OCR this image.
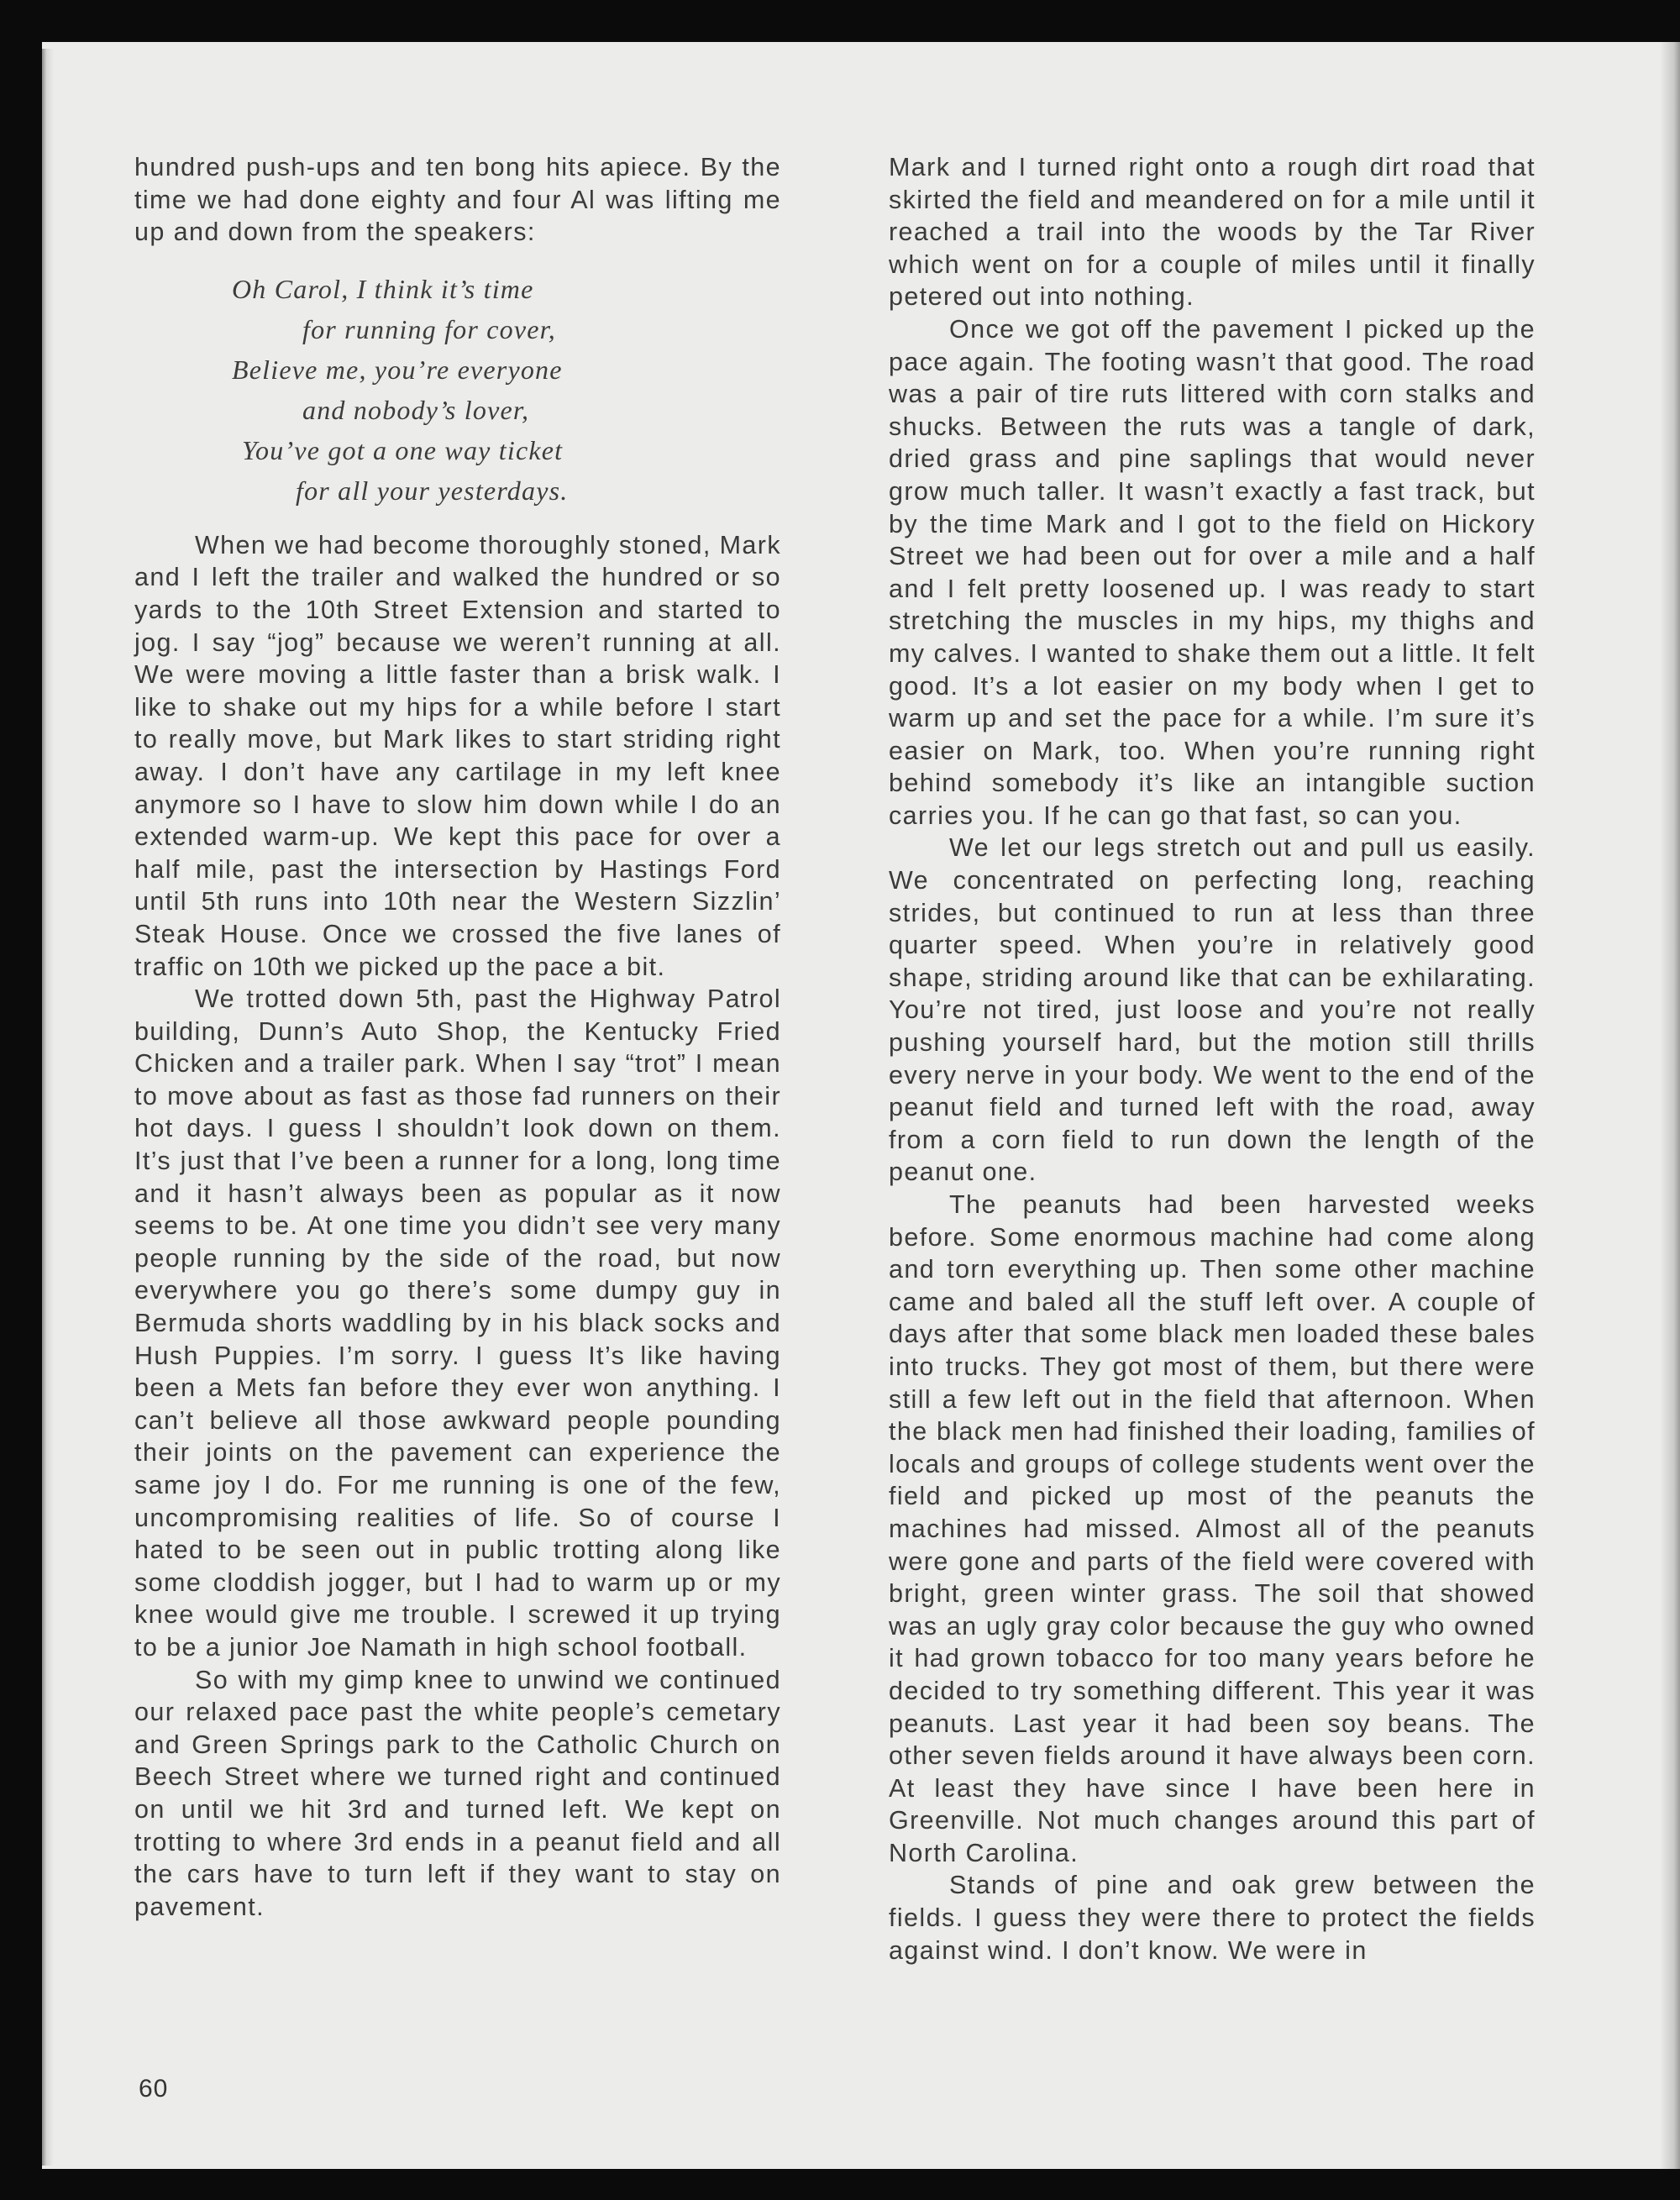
hundred push-ups and ten bong hits apiece. By the time we had done eighty and four Al was lifting me up and down from the speakers:

Oh Carol, I think it’s time
for running for cover,
Believe me, you’re everyone
and nobody’s lover,
You’ve got a one way ticket
for all your yesterdays.

When we had become thoroughly stoned, Mark and I left the trailer and walked the hundred or so yards to the 10th Street Extension and started to jog. I say “jog” because we weren’t running at all. We were moving a little faster than a brisk walk. I like to shake out my hips for a while before I start to really move, but Mark likes to start striding right away. I don’t have any cartilage in my left knee anymore so I have to slow him down while I do an extended warm-up. We kept this pace for over a half mile, past the intersection by Hastings Ford until 5th runs into 10th near the Western Sizzlin’ Steak House. Once we crossed the five lanes of traffic on 10th we picked up the pace a bit.

We trotted down 5th, past the Highway Patrol building, Dunn’s Auto Shop, the Kentucky Fried Chicken and a trailer park. When I say “trot” I mean to move about as fast as those fad runners on their hot days. I guess I shouldn’t look down on them. It’s just that I’ve been a runner for a long, long time and it hasn’t always been as popular as it now seems to be. At one time you didn’t see very many people running by the side of the road, but now everywhere you go there’s some dumpy guy in Bermuda shorts waddling by in his black socks and Hush Puppies. I’m sorry. I guess It’s like having been a Mets fan before they ever won anything. I can’t believe all those awkward people pounding their joints on the pavement can experience the same joy I do. For me running is one of the few, uncompromising realities of life. So of course I hated to be seen out in public trotting along like some cloddish jogger, but I had to warm up or my knee would give me trouble. I screwed it up trying to be a junior Joe Namath in high school football.

So with my gimp knee to unwind we continued our relaxed pace past the white people’s cemetary and Green Springs park to the Catholic Church on Beech Street where we turned right and continued on until we hit 3rd and turned left. We kept on trotting to where 3rd ends in a peanut field and all the cars have to turn left if they want to stay on pavement.

Mark and I turned right onto a rough dirt road that skirted the field and meandered on for a mile until it reached a trail into the woods by the Tar River which went on for a couple of miles until it finally petered out into nothing.

Once we got off the pavement I picked up the pace again. The footing wasn’t that good. The road was a pair of tire ruts littered with corn stalks and shucks. Between the ruts was a tangle of dark, dried grass and pine saplings that would never grow much taller. It wasn’t exactly a fast track, but by the time Mark and I got to the field on Hickory Street we had been out for over a mile and a half and I felt pretty loosened up. I was ready to start stretching the muscles in my hips, my thighs and my calves. I wanted to shake them out a little. It felt good. It’s a lot easier on my body when I get to warm up and set the pace for a while. I’m sure it’s easier on Mark, too. When you’re running right behind somebody it’s like an intangible suction carries you. If he can go that fast, so can you.

We let our legs stretch out and pull us easily. We concentrated on perfecting long, reaching strides, but continued to run at less than three quarter speed. When you’re in relatively good shape, striding around like that can be exhilarating. You’re not tired, just loose and you’re not really pushing yourself hard, but the motion still thrills every nerve in your body. We went to the end of the peanut field and turned left with the road, away from a corn field to run down the length of the peanut one.

The peanuts had been harvested weeks before. Some enormous machine had come along and torn everything up. Then some other machine came and baled all the stuff left over. A couple of days after that some black men loaded these bales into trucks. They got most of them, but there were still a few left out in the field that afternoon. When the black men had finished their loading, families of locals and groups of college students went over the field and picked up most of the peanuts the machines had missed. Almost all of the peanuts were gone and parts of the field were covered with bright, green winter grass. The soil that showed was an ugly gray color because the guy who owned it had grown tobacco for too many years before he decided to try something different. This year it was peanuts. Last year it had been soy beans. The other seven fields around it have always been corn. At least they have since I have been here in Greenville. Not much changes around this part of North Carolina.

Stands of pine and oak grew between the fields. I guess they were there to protect the fields against wind. I don’t know. We were in

60
